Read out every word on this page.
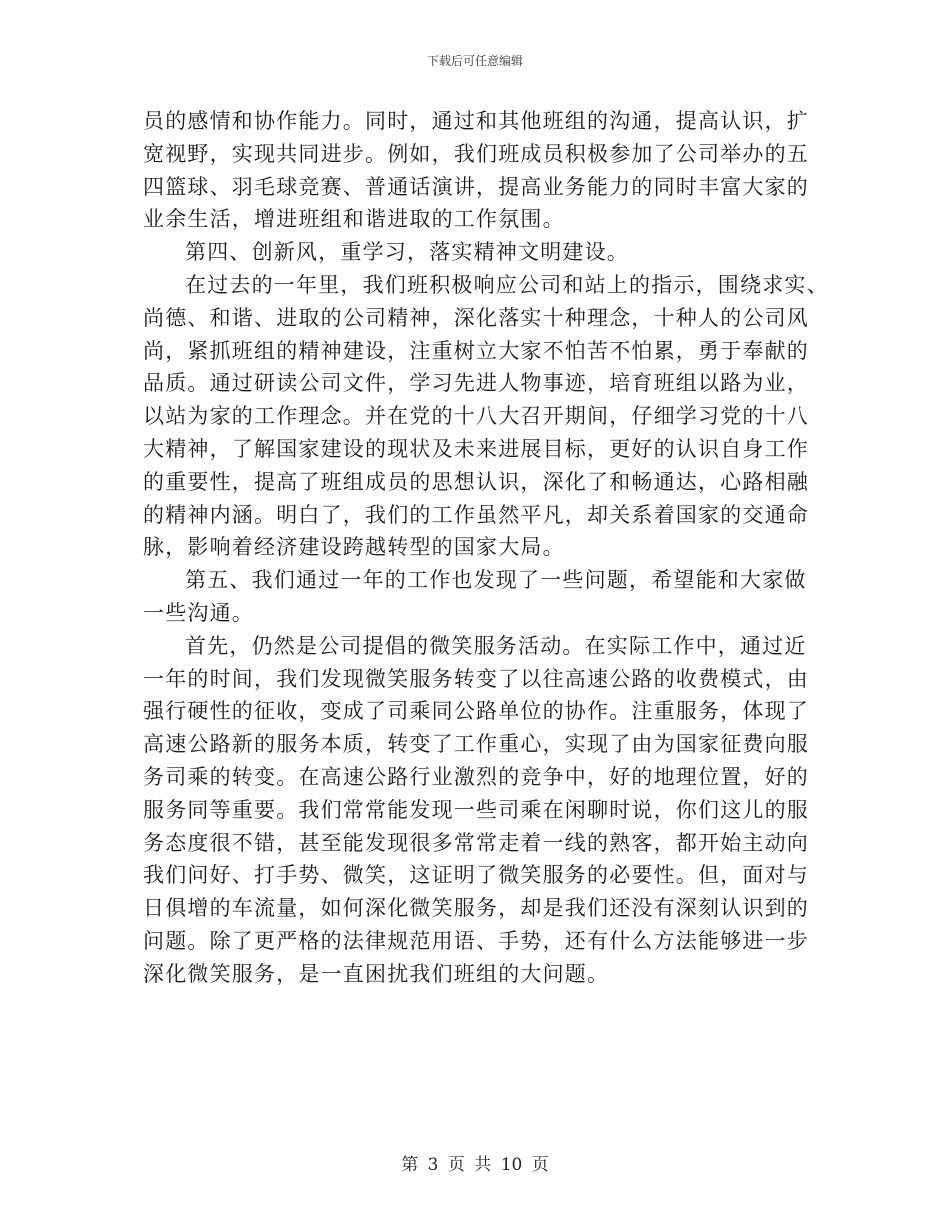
下载后可任意编辑
员的感情和协作能力。同时，通过和其他班组的沟通，提高认识，扩
宽视野，实现共同进步。例如，我们班成员积极参加了公司举办的五
四篮球、羽毛球竞赛、普通话演讲，提高业务能力的同时丰富大家的
业余生活，增进班组和谐进取的工作氛围。
第四、创新风，重学习，落实精神文明建设。
在过去的一年里，我们班积极响应公司和站上的指示，围绕求实、
尚德、和谐、进取的公司精神，深化落实十种理念，十种人的公司风
尚，紧抓班组的精神建设，注重树立大家不怕苦不怕累，勇于奉献的
品质。通过研读公司文件，学习先进人物事迹，培育班组以路为业，
以站为家的工作理念。并在党的十八大召开期间，仔细学习党的十八
大精神，了解国家建设的现状及未来进展目标，更好的认识自身工作
的重要性，提高了班组成员的思想认识，深化了和畅通达，心路相融
的精神内涵。明白了，我们的工作虽然平凡，却关系着国家的交通命
脉，影响着经济建设跨越转型的国家大局。
第五、我们通过一年的工作也发现了一些问题，希望能和大家做
一些沟通。
首先，仍然是公司提倡的微笑服务活动。在实际工作中，通过近
一年的时间，我们发现微笑服务转变了以往高速公路的收费模式，由
强行硬性的征收，变成了司乘同公路单位的协作。注重服务，体现了
高速公路新的服务本质，转变了工作重心，实现了由为国家征费向服
务司乘的转变。在高速公路行业激烈的竞争中，好的地理位置，好的
服务同等重要。我们常常能发现一些司乘在闲聊时说，你们这儿的服
务态度很不错，甚至能发现很多常常走着一线的熟客，都开始主动向
我们问好、打手势、微笑，这证明了微笑服务的必要性。但，面对与
日俱增的车流量，如何深化微笑服务，却是我们还没有深刻认识到的
问题。除了更严格的法律规范用语、手势，还有什么方法能够进一步
深化微笑服务，是一直困扰我们班组的大问题。
第 3 页 共 10 页
